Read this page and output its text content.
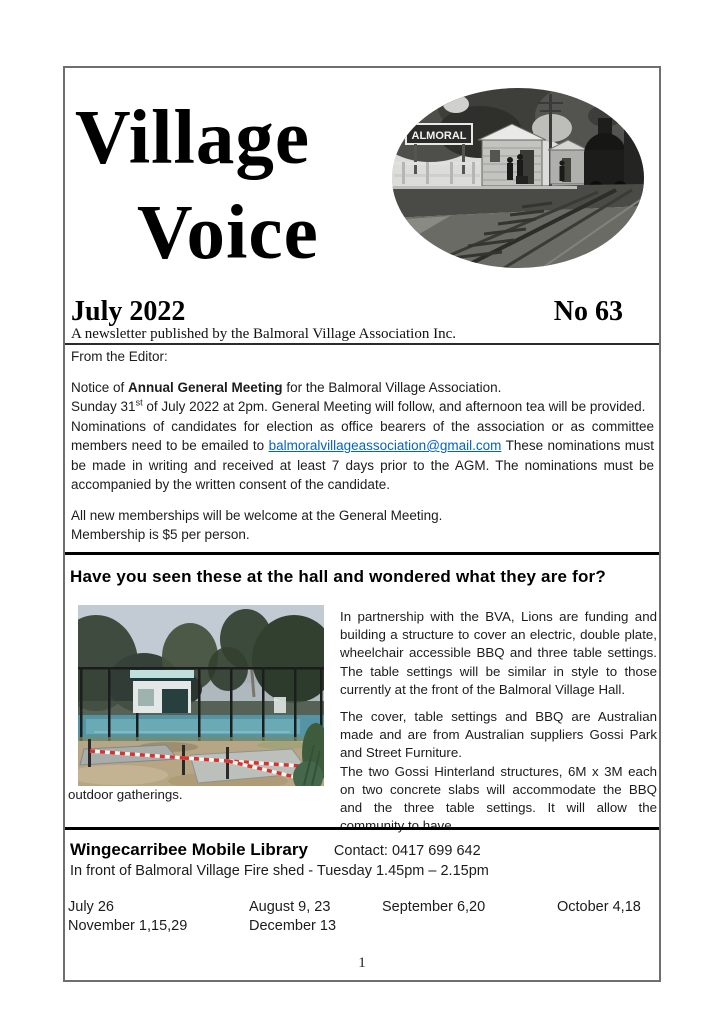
Village
Voice
ALMORAL
July 2022	No 63
A newsletter published by the Balmoral Village Association Inc.

From the Editor:

Notice of Annual General Meeting for the Balmoral Village Association.
Sunday 31st of July 2022 at 2pm. General Meeting will follow, and afternoon tea will be provided.
Nominations of candidates for election as office bearers of the association or as committee members need to be emailed to balmoralvillageassociation@gmail.com These nominations must be made in writing and received at least 7 days prior to the AGM. The nominations must be accompanied by the written consent of the candidate.

All new memberships will be welcome at the General Meeting.
Membership is $5 per person.

Have you seen these at the hall and wondered what they are for?

In partnership with the BVA, Lions are funding and building a structure to cover an electric, double plate, wheelchair accessible BBQ and three table settings. The table settings will be similar in style to those currently at the front of the Balmoral Village Hall.

The cover, table settings and BBQ are Australian made and are from Australian suppliers Gossi Park and Street Furniture.

The two Gossi Hinterland structures, 6M x 3M each on two concrete slabs will accommodate the BBQ and the three table settings. It will allow the community to have

outdoor gatherings.
Wingecarribee Mobile Library Contact: 0417 699 642
In front of Balmoral Village Fire shed - Tuesday 1.45pm – 2.15pm
July 26	August 9, 23	September 6,20	October 4,18
November 1,15,29	December 13
1
